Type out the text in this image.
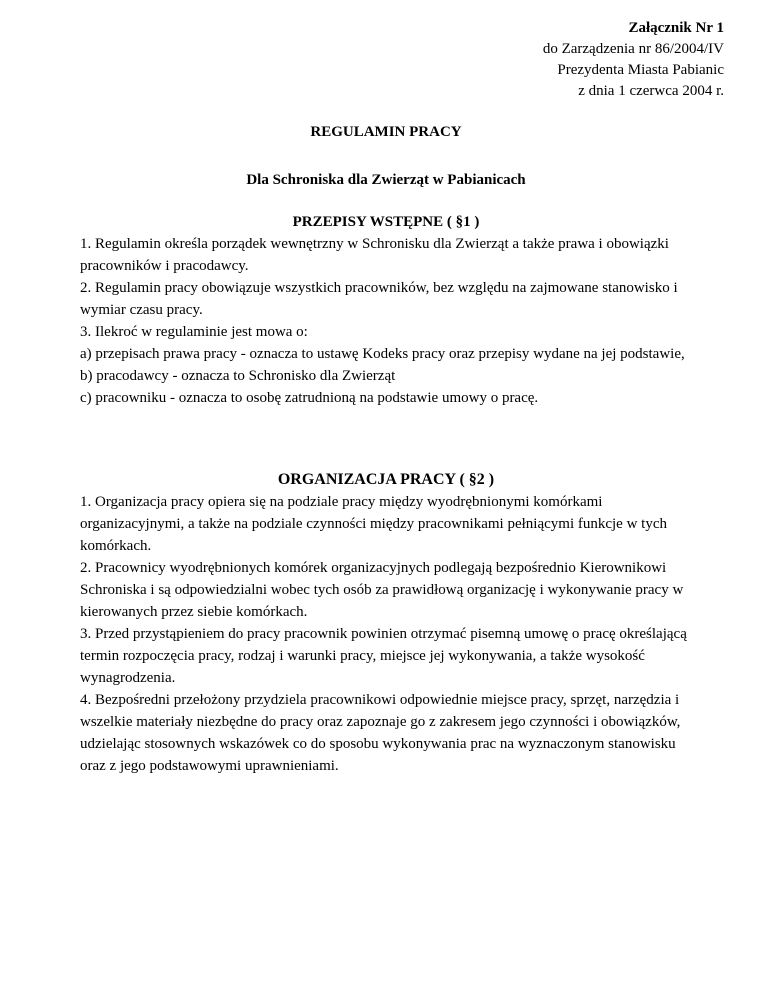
Załącznik Nr 1
do Zarządzenia nr 86/2004/IV
Prezydenta Miasta Pabianic
z dnia 1 czerwca 2004 r.
REGULAMIN PRACY
Dla Schroniska dla Zwierząt w Pabianicach
PRZEPISY WSTĘPNE ( §1 )

1. Regulamin określa porządek wewnętrzny w Schronisku dla Zwierząt a także prawa i obowiązki pracowników i pracodawcy.

2. Regulamin pracy obowiązuje wszystkich pracowników, bez względu na zajmowane stanowisko i wymiar czasu pracy.

3. Ilekroć w regulaminie jest mowa o:

a) przepisach prawa pracy - oznacza to ustawę Kodeks pracy oraz przepisy wydane na jej podstawie,

b) pracodawcy - oznacza to Schronisko dla Zwierząt

c) pracowniku - oznacza to osobę zatrudnioną na podstawie umowy o pracę.

ORGANIZACJA PRACY ( §2 )

1. Organizacja pracy opiera się na podziale pracy między wyodrębnionymi komórkami organizacyjnymi, a także na podziale czynności między pracownikami pełniącymi funkcje w tych komórkach.

2. Pracownicy wyodrębnionych komórek organizacyjnych podlegają bezpośrednio Kierownikowi Schroniska i są odpowiedzialni wobec tych osób za prawidłową organizację i wykonywanie pracy w kierowanych przez siebie komórkach.

3. Przed przystąpieniem do pracy pracownik powinien otrzymać pisemną umowę o pracę określającą termin rozpoczęcia pracy, rodzaj i warunki pracy, miejsce jej wykonywania, a także wysokość wynagrodzenia.

4. Bezpośredni przełożony przydziela pracownikowi odpowiednie miejsce pracy, sprzęt, narzędzia i wszelkie materiały niezbędne do pracy oraz zapoznaje go z zakresem jego czynności i obowiązków, udzielając stosownych wskazówek co do sposobu wykonywania prac na wyznaczonym stanowisku oraz z jego podstawowymi uprawnieniami.
